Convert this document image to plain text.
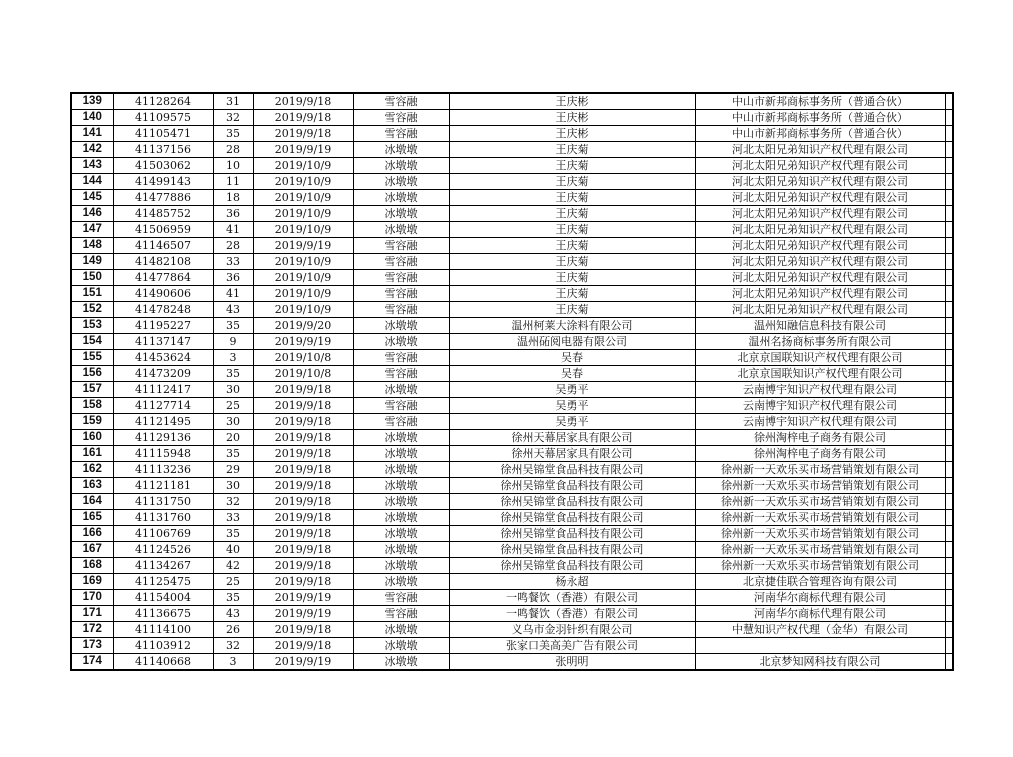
139	41128264	31	2019/9/18	雪容融	王庆彬	中山市新邦商标事务所（普通合伙）	
140	41109575	32	2019/9/18	雪容融	王庆彬	中山市新邦商标事务所（普通合伙）	
141	41105471	35	2019/9/18	雪容融	王庆彬	中山市新邦商标事务所（普通合伙）	
142	41137156	28	2019/9/19	冰墩墩	王庆菊	河北太阳兄弟知识产权代理有限公司	
143	41503062	10	2019/10/9	冰墩墩	王庆菊	河北太阳兄弟知识产权代理有限公司	
144	41499143	11	2019/10/9	冰墩墩	王庆菊	河北太阳兄弟知识产权代理有限公司	
145	41477886	18	2019/10/9	冰墩墩	王庆菊	河北太阳兄弟知识产权代理有限公司	
146	41485752	36	2019/10/9	冰墩墩	王庆菊	河北太阳兄弟知识产权代理有限公司	
147	41506959	41	2019/10/9	冰墩墩	王庆菊	河北太阳兄弟知识产权代理有限公司	
148	41146507	28	2019/9/19	雪容融	王庆菊	河北太阳兄弟知识产权代理有限公司	
149	41482108	33	2019/10/9	雪容融	王庆菊	河北太阳兄弟知识产权代理有限公司	
150	41477864	36	2019/10/9	雪容融	王庆菊	河北太阳兄弟知识产权代理有限公司	
151	41490606	41	2019/10/9	雪容融	王庆菊	河北太阳兄弟知识产权代理有限公司	
152	41478248	43	2019/10/9	雪容融	王庆菊	河北太阳兄弟知识产权代理有限公司	
153	41195227	35	2019/9/20	冰墩墩	温州柯莱大涂料有限公司	温州知融信息科技有限公司	
154	41137147	9	2019/9/19	冰墩墩	温州砳阅电器有限公司	温州名扬商标事务所有限公司	
155	41453624	3	2019/10/8	雪容融	吴春	北京京国联知识产权代理有限公司	
156	41473209	35	2019/10/8	雪容融	吴春	北京京国联知识产权代理有限公司	
157	41112417	30	2019/9/18	冰墩墩	吴勇平	云南博宇知识产权代理有限公司	
158	41127714	25	2019/9/18	雪容融	吴勇平	云南博宇知识产权代理有限公司	
159	41121495	30	2019/9/18	雪容融	吴勇平	云南博宇知识产权代理有限公司	
160	41129136	20	2019/9/18	冰墩墩	徐州天幕居家具有限公司	徐州淘梓电子商务有限公司	
161	41115948	35	2019/9/18	冰墩墩	徐州天幕居家具有限公司	徐州淘梓电子商务有限公司	
162	41113236	29	2019/9/18	冰墩墩	徐州吴锦堂食品科技有限公司	徐州新一天欢乐买市场营销策划有限公司	
163	41121181	30	2019/9/18	冰墩墩	徐州吴锦堂食品科技有限公司	徐州新一天欢乐买市场营销策划有限公司	
164	41131750	32	2019/9/18	冰墩墩	徐州吴锦堂食品科技有限公司	徐州新一天欢乐买市场营销策划有限公司	
165	41131760	33	2019/9/18	冰墩墩	徐州吴锦堂食品科技有限公司	徐州新一天欢乐买市场营销策划有限公司	
166	41106769	35	2019/9/18	冰墩墩	徐州吴锦堂食品科技有限公司	徐州新一天欢乐买市场营销策划有限公司	
167	41124526	40	2019/9/18	冰墩墩	徐州吴锦堂食品科技有限公司	徐州新一天欢乐买市场营销策划有限公司	
168	41134267	42	2019/9/18	冰墩墩	徐州吴锦堂食品科技有限公司	徐州新一天欢乐买市场营销策划有限公司	
169	41125475	25	2019/9/18	冰墩墩	杨永超	北京捷佳联合管理咨询有限公司	
170	41154004	35	2019/9/19	雪容融	一鸣餐饮（香港）有限公司	河南华尔商标代理有限公司	
171	41136675	43	2019/9/19	雪容融	一鸣餐饮（香港）有限公司	河南华尔商标代理有限公司	
172	41114100	26	2019/9/18	冰墩墩	义乌市金羽针织有限公司	中慧知识产权代理（金华）有限公司	
173	41103912	32	2019/9/18	冰墩墩	张家口美高美广告有限公司		
174	41140668	3	2019/9/19	冰墩墩	张明明	北京梦知网科技有限公司	
